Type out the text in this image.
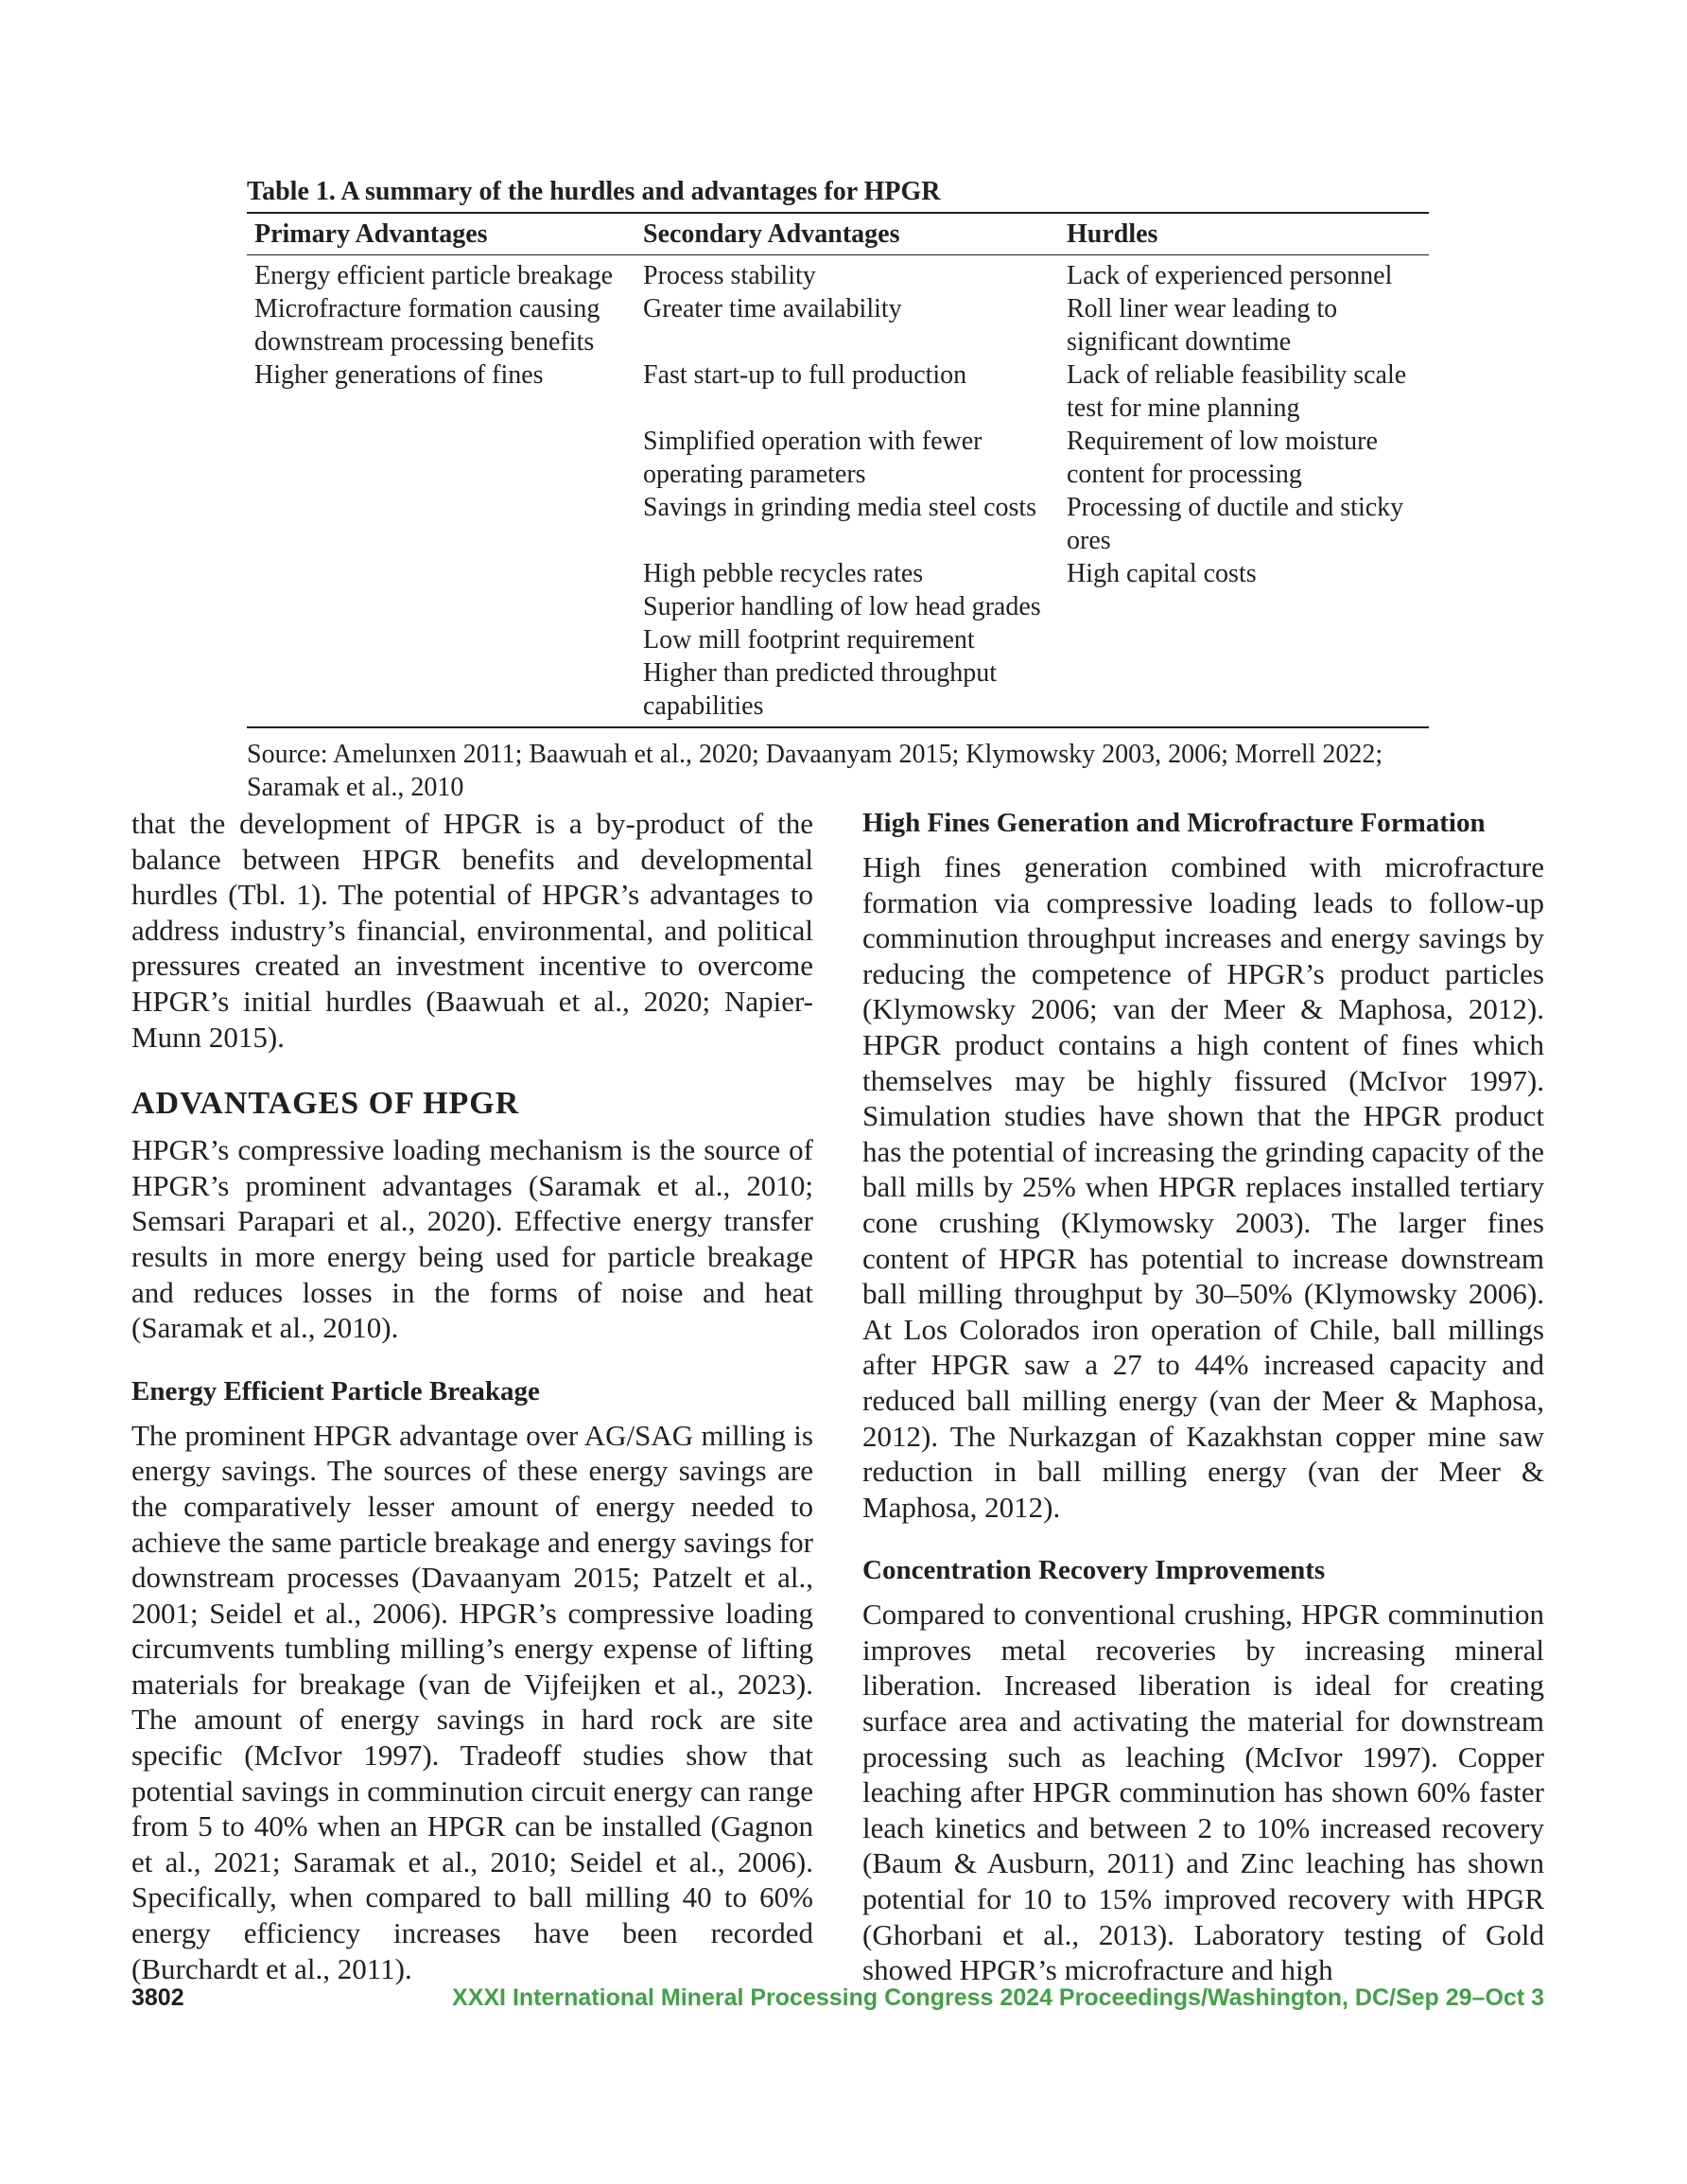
Table 1. A summary of the hurdles and advantages for HPGR
Primary Advantages	Secondary Advantages	Hurdles
Energy efficient particle breakage	Process stability	Lack of experienced personnel
Microfracture formation causing downstream processing benefits	Greater time availability	Roll liner wear leading to significant downtime
Higher generations of fines	Fast start-up to full production	Lack of reliable feasibility scale test for mine planning
	Simplified operation with fewer operating parameters	Requirement of low moisture content for processing
	Savings in grinding media steel costs	Processing of ductile and sticky ores
	High pebble recycles rates	High capital costs
	Superior handling of low head grades	
	Low mill footprint requirement	
	Higher than predicted throughput capabilities	
Source: Amelunxen 2011; Baawuah et al., 2020; Davaanyam 2015; Klymowsky 2003, 2006; Morrell 2022; Saramak et al., 2010

that the development of HPGR is a by-product of the balance between HPGR benefits and developmental hurdles (Tbl. 1). The potential of HPGR’s advantages to address industry’s financial, environmental, and political pressures created an investment incentive to overcome HPGR’s initial hurdles (Baawuah et al., 2020; Napier-Munn 2015).

ADVANTAGES OF HPGR

HPGR’s compressive loading mechanism is the source of HPGR’s prominent advantages (Saramak et al., 2010; Semsari Parapari et al., 2020). Effective energy transfer results in more energy being used for particle breakage and reduces losses in the forms of noise and heat (Saramak et al., 2010).

Energy Efficient Particle Breakage

The prominent HPGR advantage over AG/SAG milling is energy savings. The sources of these energy savings are the comparatively lesser amount of energy needed to achieve the same particle breakage and energy savings for downstream processes (Davaanyam 2015; Patzelt et al., 2001; Seidel et al., 2006). HPGR’s compressive loading circumvents tumbling milling’s energy expense of lifting materials for breakage (van de Vijfeijken et al., 2023). The amount of energy savings in hard rock are site specific (McIvor 1997). Tradeoff studies show that potential savings in comminution circuit energy can range from 5 to 40% when an HPGR can be installed (Gagnon et al., 2021; Saramak et al., 2010; Seidel et al., 2006). Specifically, when compared to ball milling 40 to 60% energy efficiency increases have been recorded (Burchardt et al., 2011).

High Fines Generation and Microfracture Formation

High fines generation combined with microfracture formation via compressive loading leads to follow-up comminution throughput increases and energy savings by reducing the competence of HPGR’s product particles (Klymowsky 2006; van der Meer & Maphosa, 2012). HPGR product contains a high content of fines which themselves may be highly fissured (McIvor 1997). Simulation studies have shown that the HPGR product has the potential of increasing the grinding capacity of the ball mills by 25% when HPGR replaces installed tertiary cone crushing (Klymowsky 2003). The larger fines content of HPGR has potential to increase downstream ball milling throughput by 30–50% (Klymowsky 2006). At Los Colorados iron operation of Chile, ball millings after HPGR saw a 27 to 44% increased capacity and reduced ball milling energy (van der Meer & Maphosa, 2012). The Nurkazgan of Kazakhstan copper mine saw reduction in ball milling energy (van der Meer & Maphosa, 2012).

Concentration Recovery Improvements

Compared to conventional crushing, HPGR comminution improves metal recoveries by increasing mineral liberation. Increased liberation is ideal for creating surface area and activating the material for downstream processing such as leaching (McIvor 1997). Copper leaching after HPGR comminution has shown 60% faster leach kinetics and between 2 to 10% increased recovery (Baum & Ausburn, 2011) and Zinc leaching has shown potential for 10 to 15% improved recovery with HPGR (Ghorbani et al., 2013). Laboratory testing of Gold showed HPGR’s microfracture and high

3802	XXXI International Mineral Processing Congress 2024 Proceedings/Washington, DC/Sep 29–Oct 3
